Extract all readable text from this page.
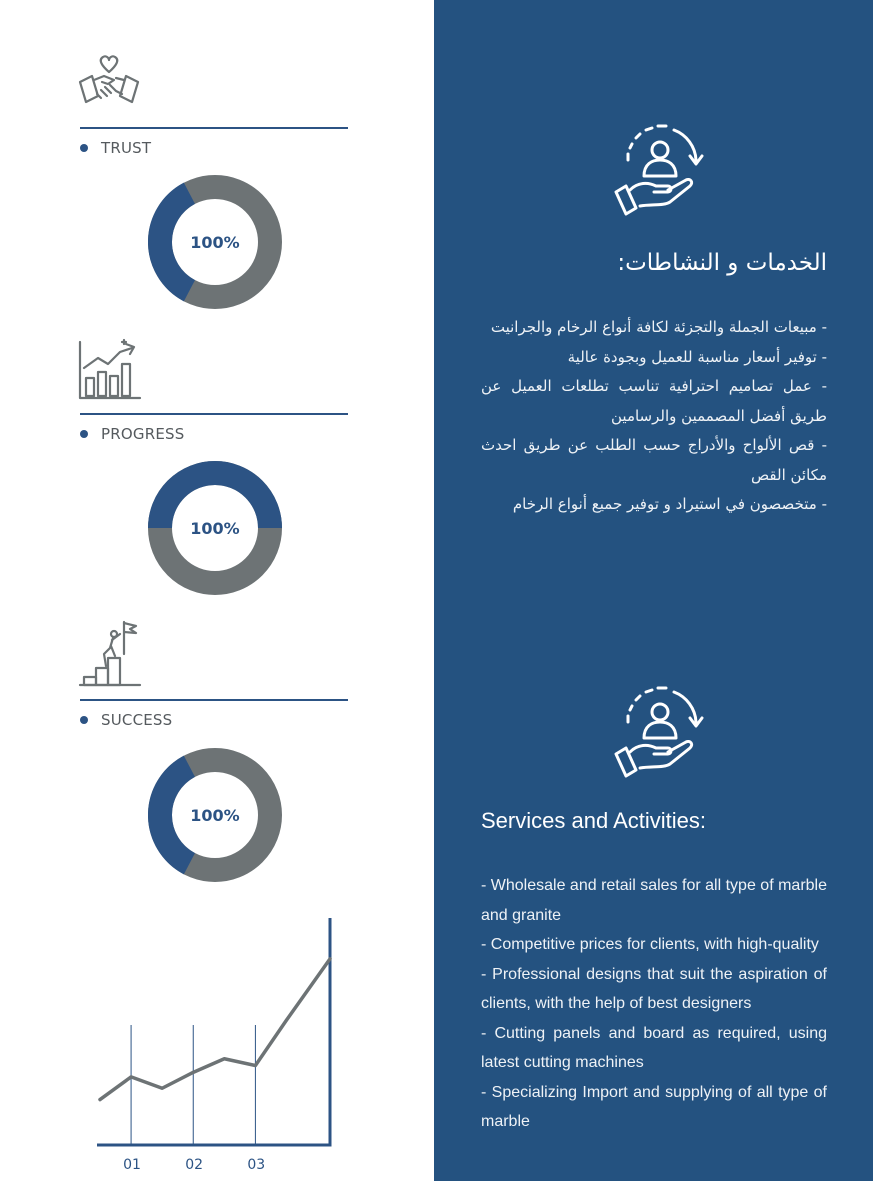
TRUST
100%
PROGRESS
100%
SUCCESS
100%
01	02	03
الخدمات و النشاطات:
- مبيعات الجملة والتجزئة لكافة أنواع الرخام والجرانيت
- توفير أسعار مناسبة للعميل وبجودة عالية
- عمل تصاميم احترافية تناسب تطلعات العميل عن طريق أفضل المصممين والرسامين
- قص الألواح والأدراج حسب الطلب عن طريق احدث مكائن القص
- متخصصون في استيراد و توفير جميع أنواع الرخام
Services and Activities:
- Wholesale and retail sales for all type of marble and granite
- Competitive prices for clients, with high-quality
- Professional designs that suit the aspiration of clients, with the help of best designers
- Cutting panels and board as required, using latest cutting machines
- Specializing Import and supplying of all type of marble
